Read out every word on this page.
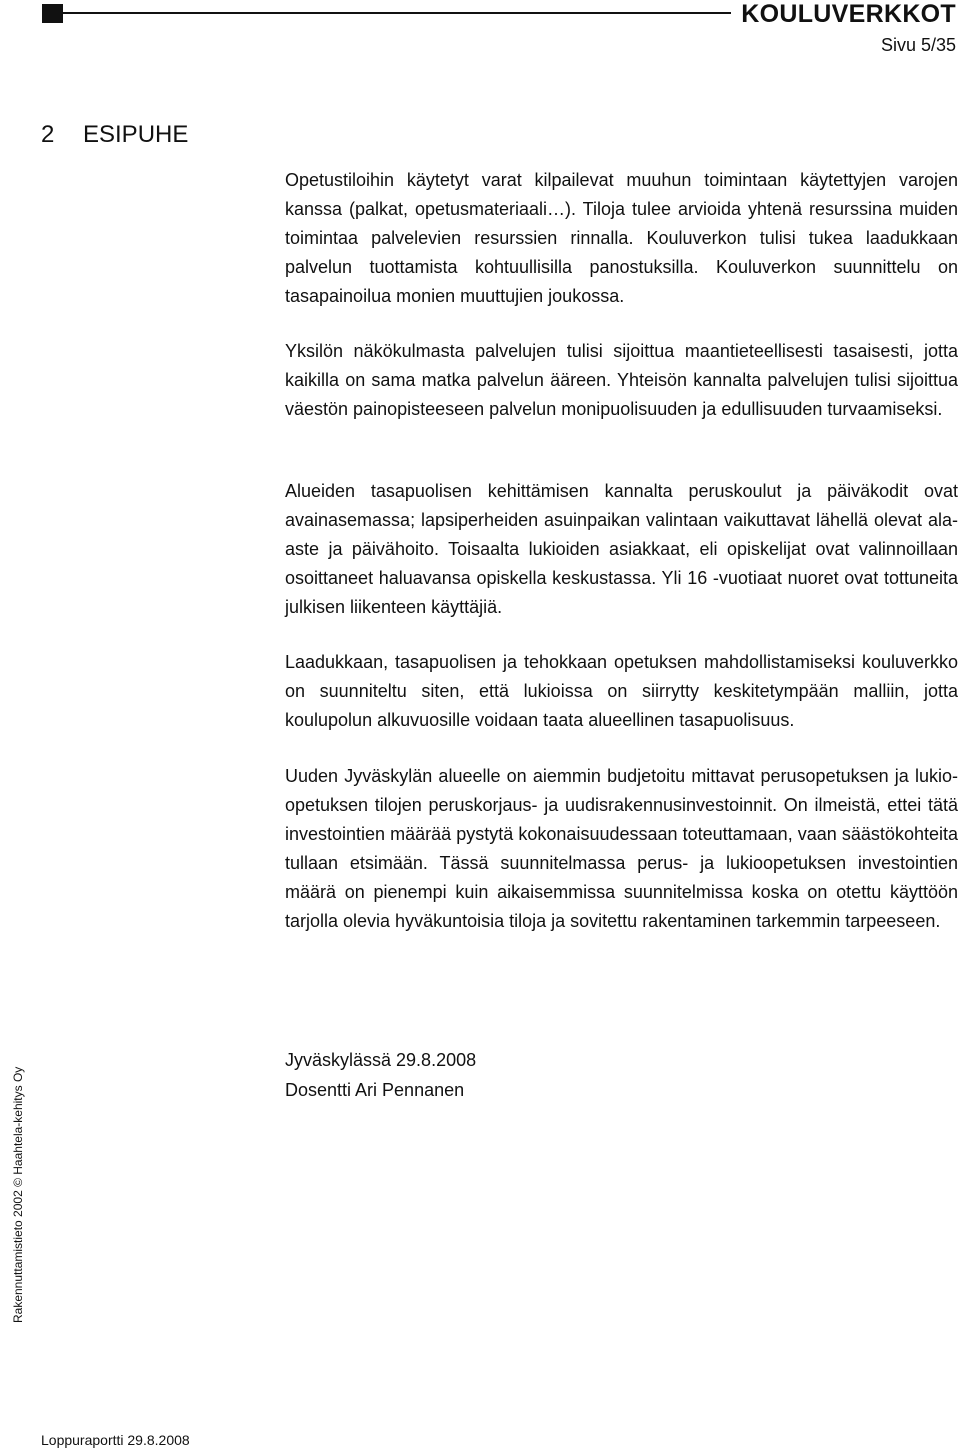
KOULUVERKKOT
Sivu 5/35
2 ESIPUHE

Opetustiloihin käytetyt varat kilpailevat muuhun toimintaan käytettyjen varojen kanssa (palkat, opetusmateriaali…). Tiloja tulee arvioida yhtenä resurssina muiden toimintaa palvelevien resurssien rinnalla. Kouluverkon tulisi tukea laadukkaan palvelun tuottamista kohtuullisilla panostuksilla. Kouluverkon suunnittelu on tasapainoilua monien muuttujien joukossa.

Yksilön näkökulmasta palvelujen tulisi sijoittua maantieteellisesti tasaisesti, jotta kaikilla on sama matka palvelun ääreen. Yhteisön kannalta palvelujen tulisi sijoittua väestön painopisteeseen palvelun monipuolisuuden ja edullisuuden turvaamiseksi.

Alueiden tasapuolisen kehittämisen kannalta peruskoulut ja päiväkodit ovat avainasemassa; lapsiperheiden asuinpaikan valintaan vaikuttavat lähellä olevat ala- aste ja päivähoito. Toisaalta lukioiden asiakkaat, eli opiskelijat ovat valinnoillaan osoittaneet haluavansa opiskella keskustassa. Yli 16 -vuotiaat nuoret ovat tottuneita julkisen liikenteen käyttäjiä.

Laadukkaan, tasapuolisen ja tehokkaan opetuksen mahdollistamiseksi kouluverkko on suunniteltu siten, että lukioissa on siirrytty keskitetympään malliin, jotta koulupolun alkuvuosille voidaan taata alueellinen tasapuolisuus.

Uuden Jyväskylän alueelle on aiemmin budjetoitu mittavat perusopetuksen ja lukio-opetuksen tilojen peruskorjaus- ja uudisrakennusinvestoinnit. On ilmeistä, ettei tätä investointien määrää pystytä kokonaisuudessaan toteuttamaan, vaan säästökohteita tullaan etsimään. Tässä suunnitelmassa perus- ja lukioopetuksen investointien määrä on pienempi kuin aikaisemmissa suunnitelmissa koska on otettu käyttöön tarjolla olevia hyväkuntoisia tiloja ja sovitettu rakentaminen tarkemmin tarpeeseen.

Jyväskylässä 29.8.2008
Dosentti Ari Pennanen
Rakennuttamistieto 2002 © Haahtela-kehitys Oy
Loppuraportti 29.8.2008
